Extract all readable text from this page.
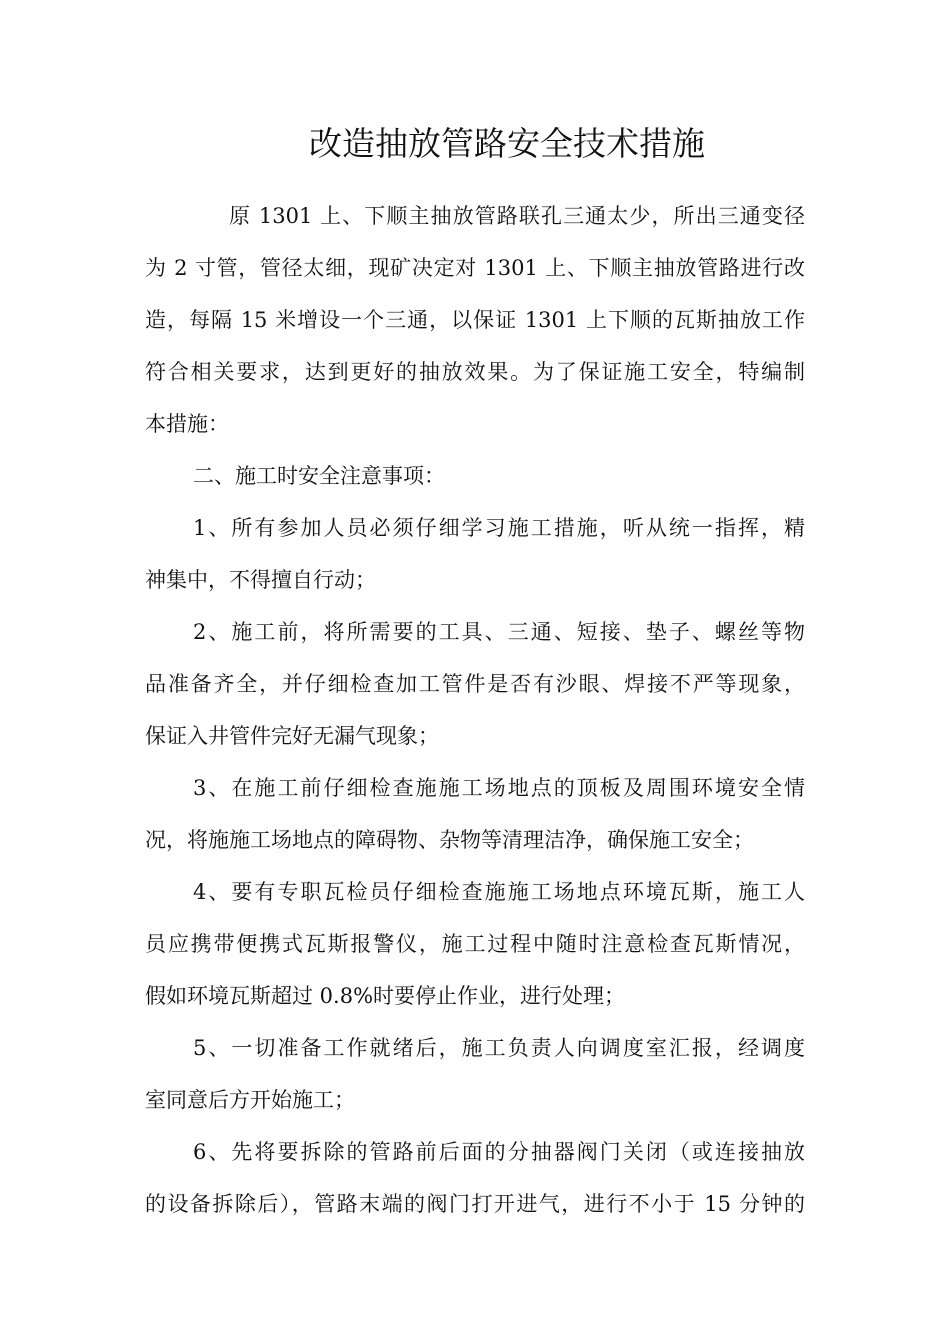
改造抽放管路安全技术措施
原 1301 上、下顺主抽放管路联孔三通太少，所出三通变径
为 2 寸管，管径太细，现矿决定对 1301 上、下顺主抽放管路进行改
造，每隔 15 米增设一个三通，以保证 1301 上下顺的瓦斯抽放工作
符合相关要求，达到更好的抽放效果。为了保证施工安全，特编制
本措施：
二、施工时安全注意事项：
1、所有参加人员必须仔细学习施工措施，听从统一指挥，精
神集中，不得擅自行动；
2、施工前，将所需要的工具、三通、短接、垫子、螺丝等物
品准备齐全，并仔细检查加工管件是否有沙眼、焊接不严等现象，
保证入井管件完好无漏气现象；
3、在施工前仔细检查施施工场地点的顶板及周围环境安全情
况，将施施工场地点的障碍物、杂物等清理洁净，确保施工安全；
4、要有专职瓦检员仔细检查施施工场地点环境瓦斯，施工人
员应携带便携式瓦斯报警仪，施工过程中随时注意检查瓦斯情况，
假如环境瓦斯超过 0.8%时要停止作业，进行处理；
5、一切准备工作就绪后，施工负责人向调度室汇报，经调度
室同意后方开始施工；
6、先将要拆除的管路前后面的分抽器阀门关闭（或连接抽放
的设备拆除后），管路末端的阀门打开进气，进行不小于 15 分钟的
